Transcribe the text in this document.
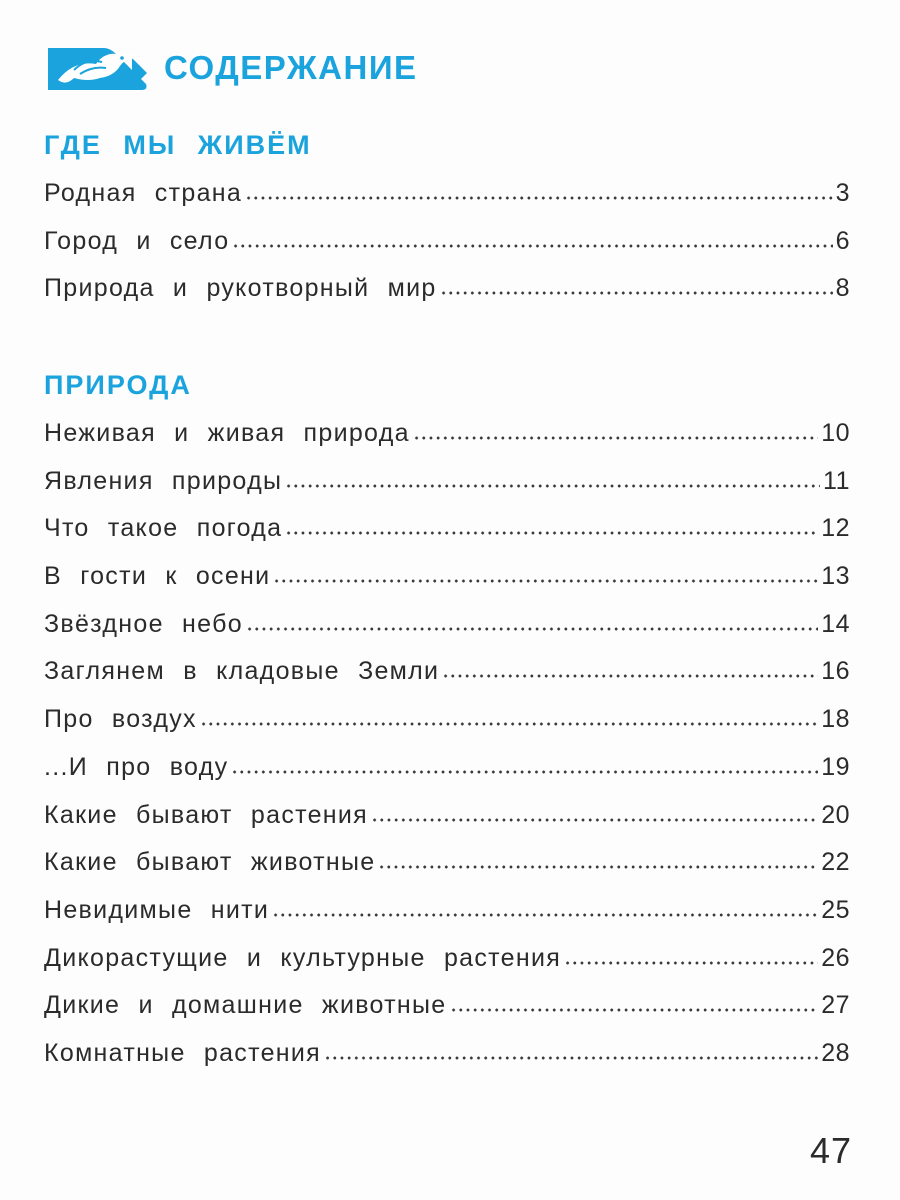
СОДЕРЖАНИЕ
ГДЕ МЫ ЖИВЁМ
Родная страна	3
Город и село	6
Природа и рукотворный мир	8
ПРИРОДА
Неживая и живая природа	10
Явления природы	11
Что такое погода	12
В гости к осени	13
Звёздное небо	14
Заглянем в кладовые Земли	16
Про воздух	18
...И про воду	19
Какие бывают растения	20
Какие бывают животные	22
Невидимые нити	25
Дикорастущие и культурные растения	26
Дикие и домашние животные	27
Комнатные растения	28
47
